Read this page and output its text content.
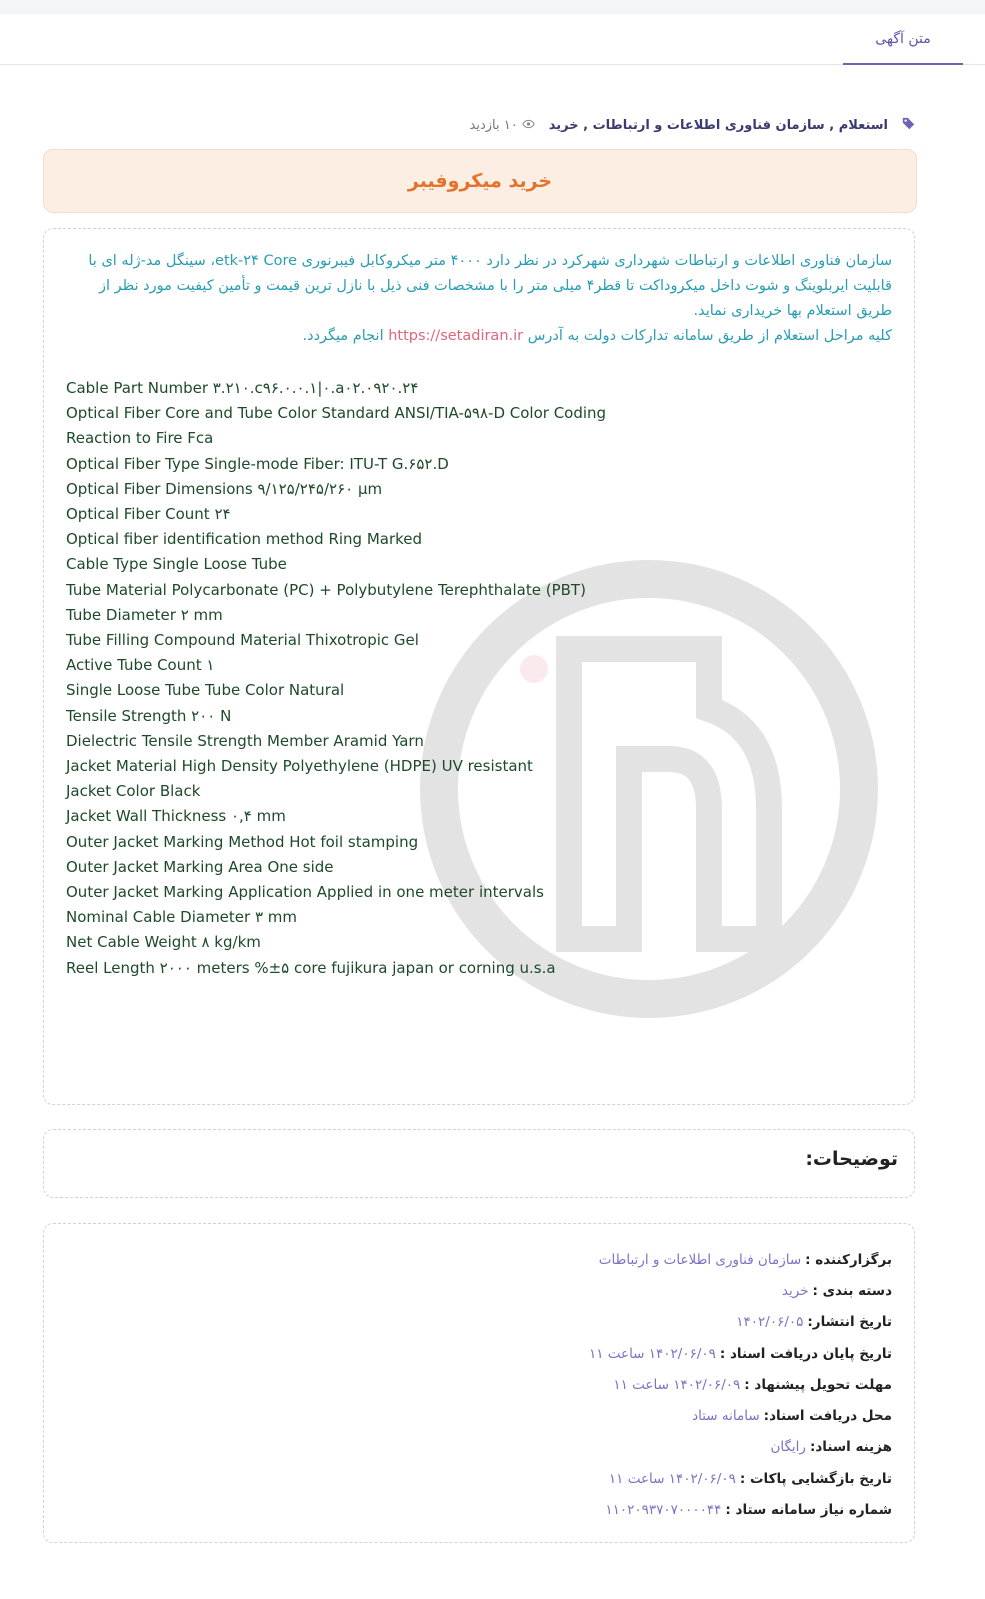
متن آگهی
استعلام , سازمان فناوری اطلاعات و ارتباطات , خرید
۱۰ بازدید
خرید میکروفیبر
سازمان فناوری اطلاعات و ارتباطات شهرداری شهرکرد در نظر دارد ۴۰۰۰ متر میکروکابل فیبرنوری etk-۲۴ Core، سینگل مد-ژله ای با قابلیت ایربلوینگ و شوت داخل میکروداکت تا قطر۴ میلی متر را با مشخصات فنی ذیل با نازل ترین قیمت و تأمین کیفیت مورد نظر از طریق استعلام بها خریداری نماید.
کلیه مراحل استعلام از طریق سامانه تدارکات دولت به آدرس https://setadiran.ir انجام میگردد.
Cable Part Number ۳.۲۱۰.c۹۶.۰.۰.۱|۰.a۰۲.۰۹۲۰.۲۴
Optical Fiber Core and Tube Color Standard ANSI/TIA-۵۹۸-D Color Coding
Reaction to Fire Fca
Optical Fiber Type Single-mode Fiber: ITU-T G.۶۵۲.D
Optical Fiber Dimensions ۹/۱۲۵/۲۴۵/۲۶۰ μm
Optical Fiber Count ۲۴
Optical fiber identification method Ring Marked
Cable Type Single Loose Tube
Tube Material Polycarbonate (PC) + Polybutylene Terephthalate (PBT)
Tube Diameter ۲ mm
Tube Filling Compound Material Thixotropic Gel
Active Tube Count ۱
Single Loose Tube Tube Color Natural
Tensile Strength ۲۰۰ N
Dielectric Tensile Strength Member Aramid Yarn
Jacket Material High Density Polyethylene (HDPE) UV resistant
Jacket Color Black
Jacket Wall Thickness ۰,۴ mm
Outer Jacket Marking Method Hot foil stamping
Outer Jacket Marking Area One side
Outer Jacket Marking Application Applied in one meter intervals
Nominal Cable Diameter ۳ mm
Net Cable Weight ۸ kg/km
Reel Length ۲۰۰۰ meters %±۵ core fujikura japan or corning u.s.a
توضیحات:
برگزارکننده :
سازمان فناوری اطلاعات و ارتباطات
دسته بندی :
خرید
تاریخ انتشار:
۱۴۰۲/۰۶/۰۵
تاریخ پایان دریافت اسناد :
۱۴۰۲/۰۶/۰۹ ساعت ۱۱
مهلت تحویل پیشنهاد :
۱۴۰۲/۰۶/۰۹ ساعت ۱۱
محل دریافت اسناد:
سامانه ستاد
هزینه اسناد:
رایگان
تاریخ بازگشایی پاکات :
۱۴۰۲/۰۶/۰۹ ساعت ۱۱
شماره نیاز سامانه ستاد :
۱۱۰۲۰۹۳۷۰۷۰۰۰۰۴۴
